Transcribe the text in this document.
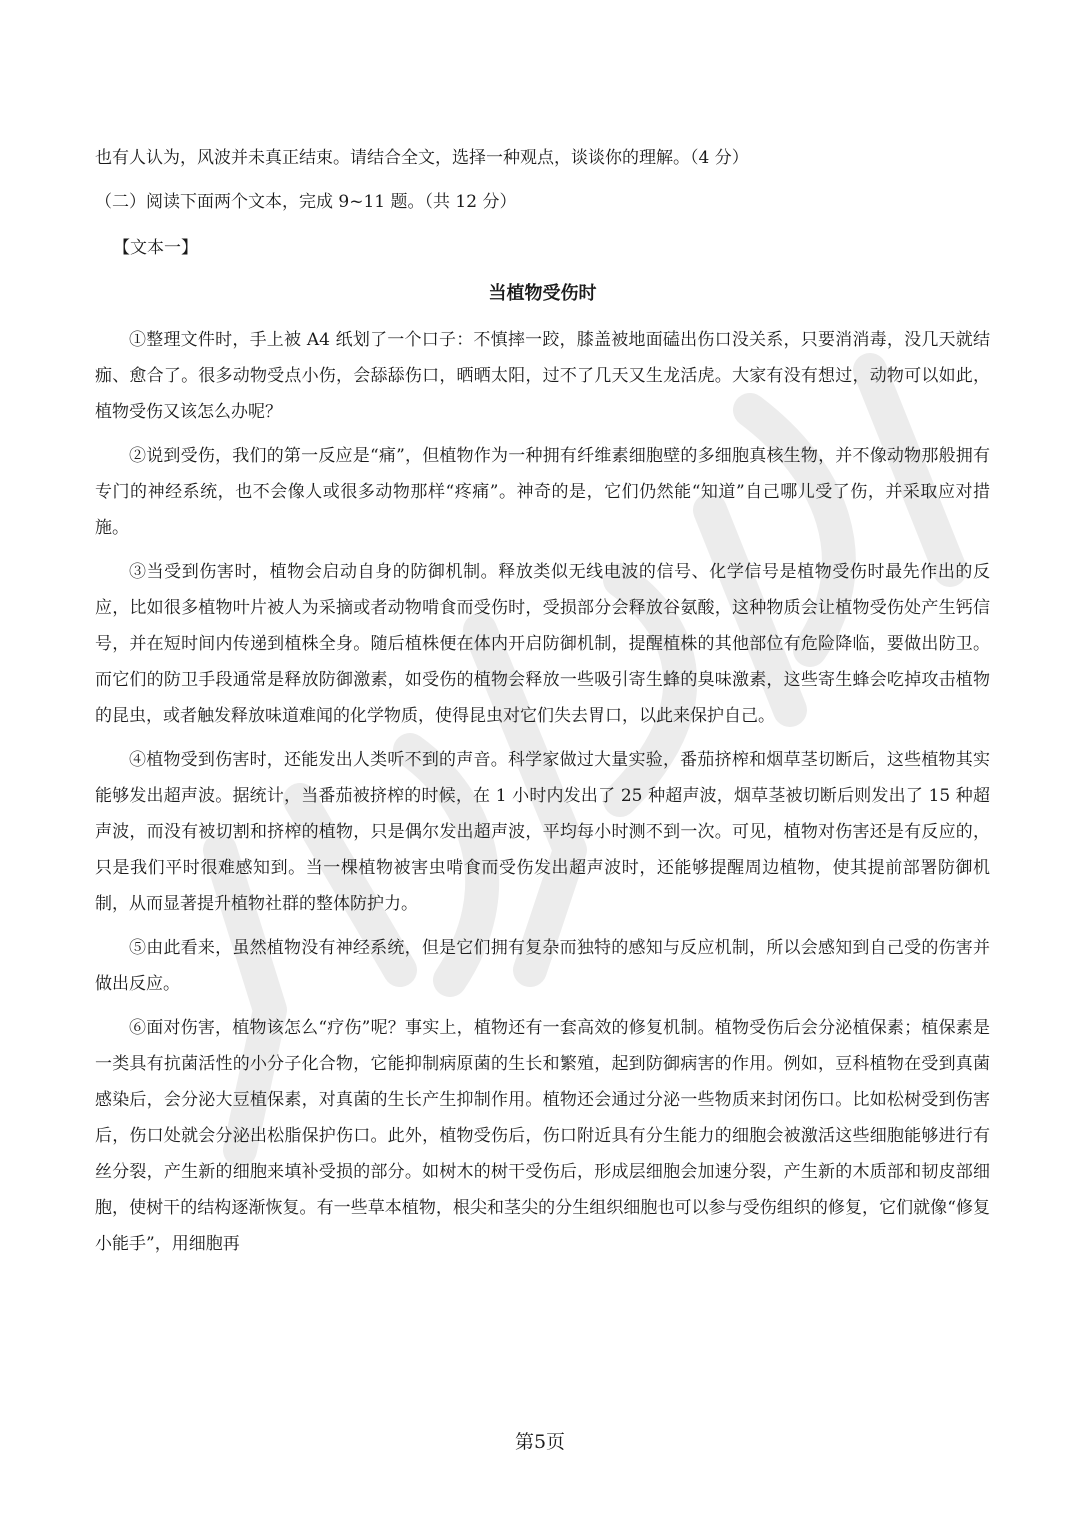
也有人认为，风波并未真正结束。请结合全文，选择一种观点，谈谈你的理解。（4 分）

（二）阅读下面两个文本，完成 9~11 题。（共 12 分）

【文本一】

当植物受伤时

①整理文件时，手上被 A4 纸划了一个口子：不慎摔一跤，膝盖被地面磕出伤口没关系，只要消消毒，没几天就结痂、愈合了。很多动物受点小伤，会舔舔伤口，晒晒太阳，过不了几天又生龙活虎。大家有没有想过，动物可以如此，植物受伤又该怎么办呢？

②说到受伤，我们的第一反应是“痛”，但植物作为一种拥有纤维素细胞壁的多细胞真核生物，并不像动物那般拥有专门的神经系统，也不会像人或很多动物那样“疼痛”。神奇的是，它们仍然能“知道”自己哪儿受了伤，并采取应对措施。

③当受到伤害时，植物会启动自身的防御机制。释放类似无线电波的信号、化学信号是植物受伤时最先作出的反应，比如很多植物叶片被人为采摘或者动物啃食而受伤时，受损部分会释放谷氨酸，这种物质会让植物受伤处产生钙信号，并在短时间内传递到植株全身。随后植株便在体内开启防御机制，提醒植株的其他部位有危险降临，要做出防卫。而它们的防卫手段通常是释放防御激素，如受伤的植物会释放一些吸引寄生蜂的臭味激素，这些寄生蜂会吃掉攻击植物的昆虫，或者触发释放味道难闻的化学物质，使得昆虫对它们失去胃口，以此来保护自己。

④植物受到伤害时，还能发出人类听不到的声音。科学家做过大量实验，番茄挤榨和烟草茎切断后，这些植物其实能够发出超声波。据统计，当番茄被挤榨的时候，在 1 小时内发出了 25 种超声波，烟草茎被切断后则发出了 15 种超声波，而没有被切割和挤榨的植物，只是偶尔发出超声波，平均每小时测不到一次。可见，植物对伤害还是有反应的，只是我们平时很难感知到。当一棵植物被害虫啃食而受伤发出超声波时，还能够提醒周边植物，使其提前部署防御机制，从而显著提升植物社群的整体防护力。

⑤由此看来，虽然植物没有神经系统，但是它们拥有复杂而独特的感知与反应机制，所以会感知到自己受的伤害并做出反应。

⑥面对伤害，植物该怎么“疗伤”呢？事实上，植物还有一套高效的修复机制。植物受伤后会分泌植保素；植保素是一类具有抗菌活性的小分子化合物，它能抑制病原菌的生长和繁殖，起到防御病害的作用。例如，豆科植物在受到真菌感染后，会分泌大豆植保素，对真菌的生长产生抑制作用。植物还会通过分泌一些物质来封闭伤口。比如松树受到伤害后，伤口处就会分泌出松脂保护伤口。此外，植物受伤后，伤口附近具有分生能力的细胞会被激活这些细胞能够进行有丝分裂，产生新的细胞来填补受损的部分。如树木的树干受伤后，形成层细胞会加速分裂，产生新的木质部和韧皮部细胞，使树干的结构逐渐恢复。有一些草本植物，根尖和茎尖的分生组织细胞也可以参与受伤组织的修复，它们就像“修复小能手”，用细胞再

第5页
